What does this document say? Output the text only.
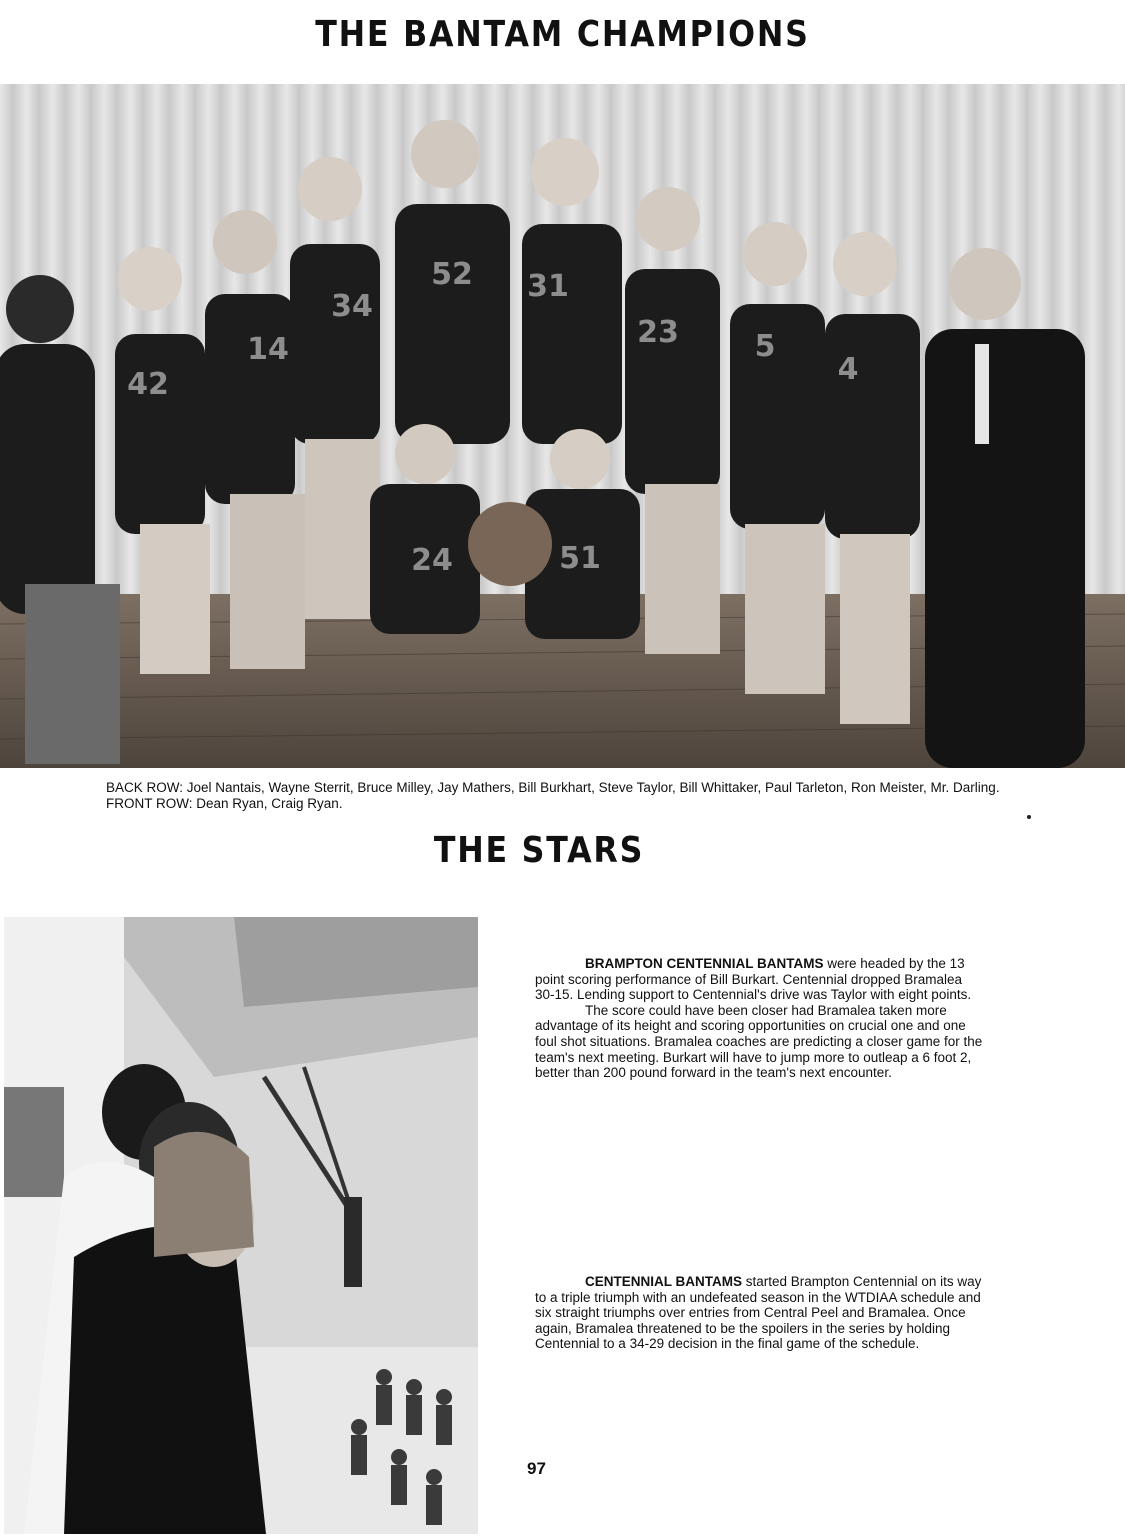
THE BANTAM CHAMPIONS
42
14
34
52 31
23	5
4
24	51
BACK ROW: Joel Nantais, Wayne Sterrit, Bruce Milley, Jay Mathers, Bill Burkhart, Steve Taylor, Bill Whittaker, Paul Tarleton, Ron Meister, Mr. Darling. FRONT ROW: Dean Ryan, Craig Ryan.
THE STARS

BRAMPTON CENTENNIAL BANTAMS were headed by the 13 point scoring performance of Bill Burkart. Centennial dropped Bramalea 30-15. Lending support to Centennial's drive was Taylor with eight points.

The score could have been closer had Bramalea taken more advantage of its height and scoring opportunities on crucial one and one foul shot situations. Bramalea coaches are predicting a closer game for the team's next meeting. Burkart will have to jump more to outleap a 6 foot 2, better than 200 pound forward in the team's next encounter.

CENTENNIAL BANTAMS started Brampton Centennial on its way to a triple triumph with an undefeated season in the WTDIAA schedule and six straight triumphs over entries from Central Peel and Bramalea. Once again, Bramalea threatened to be the spoilers in the series by holding Centennial to a 34-29 decision in the final game of the schedule.

97
